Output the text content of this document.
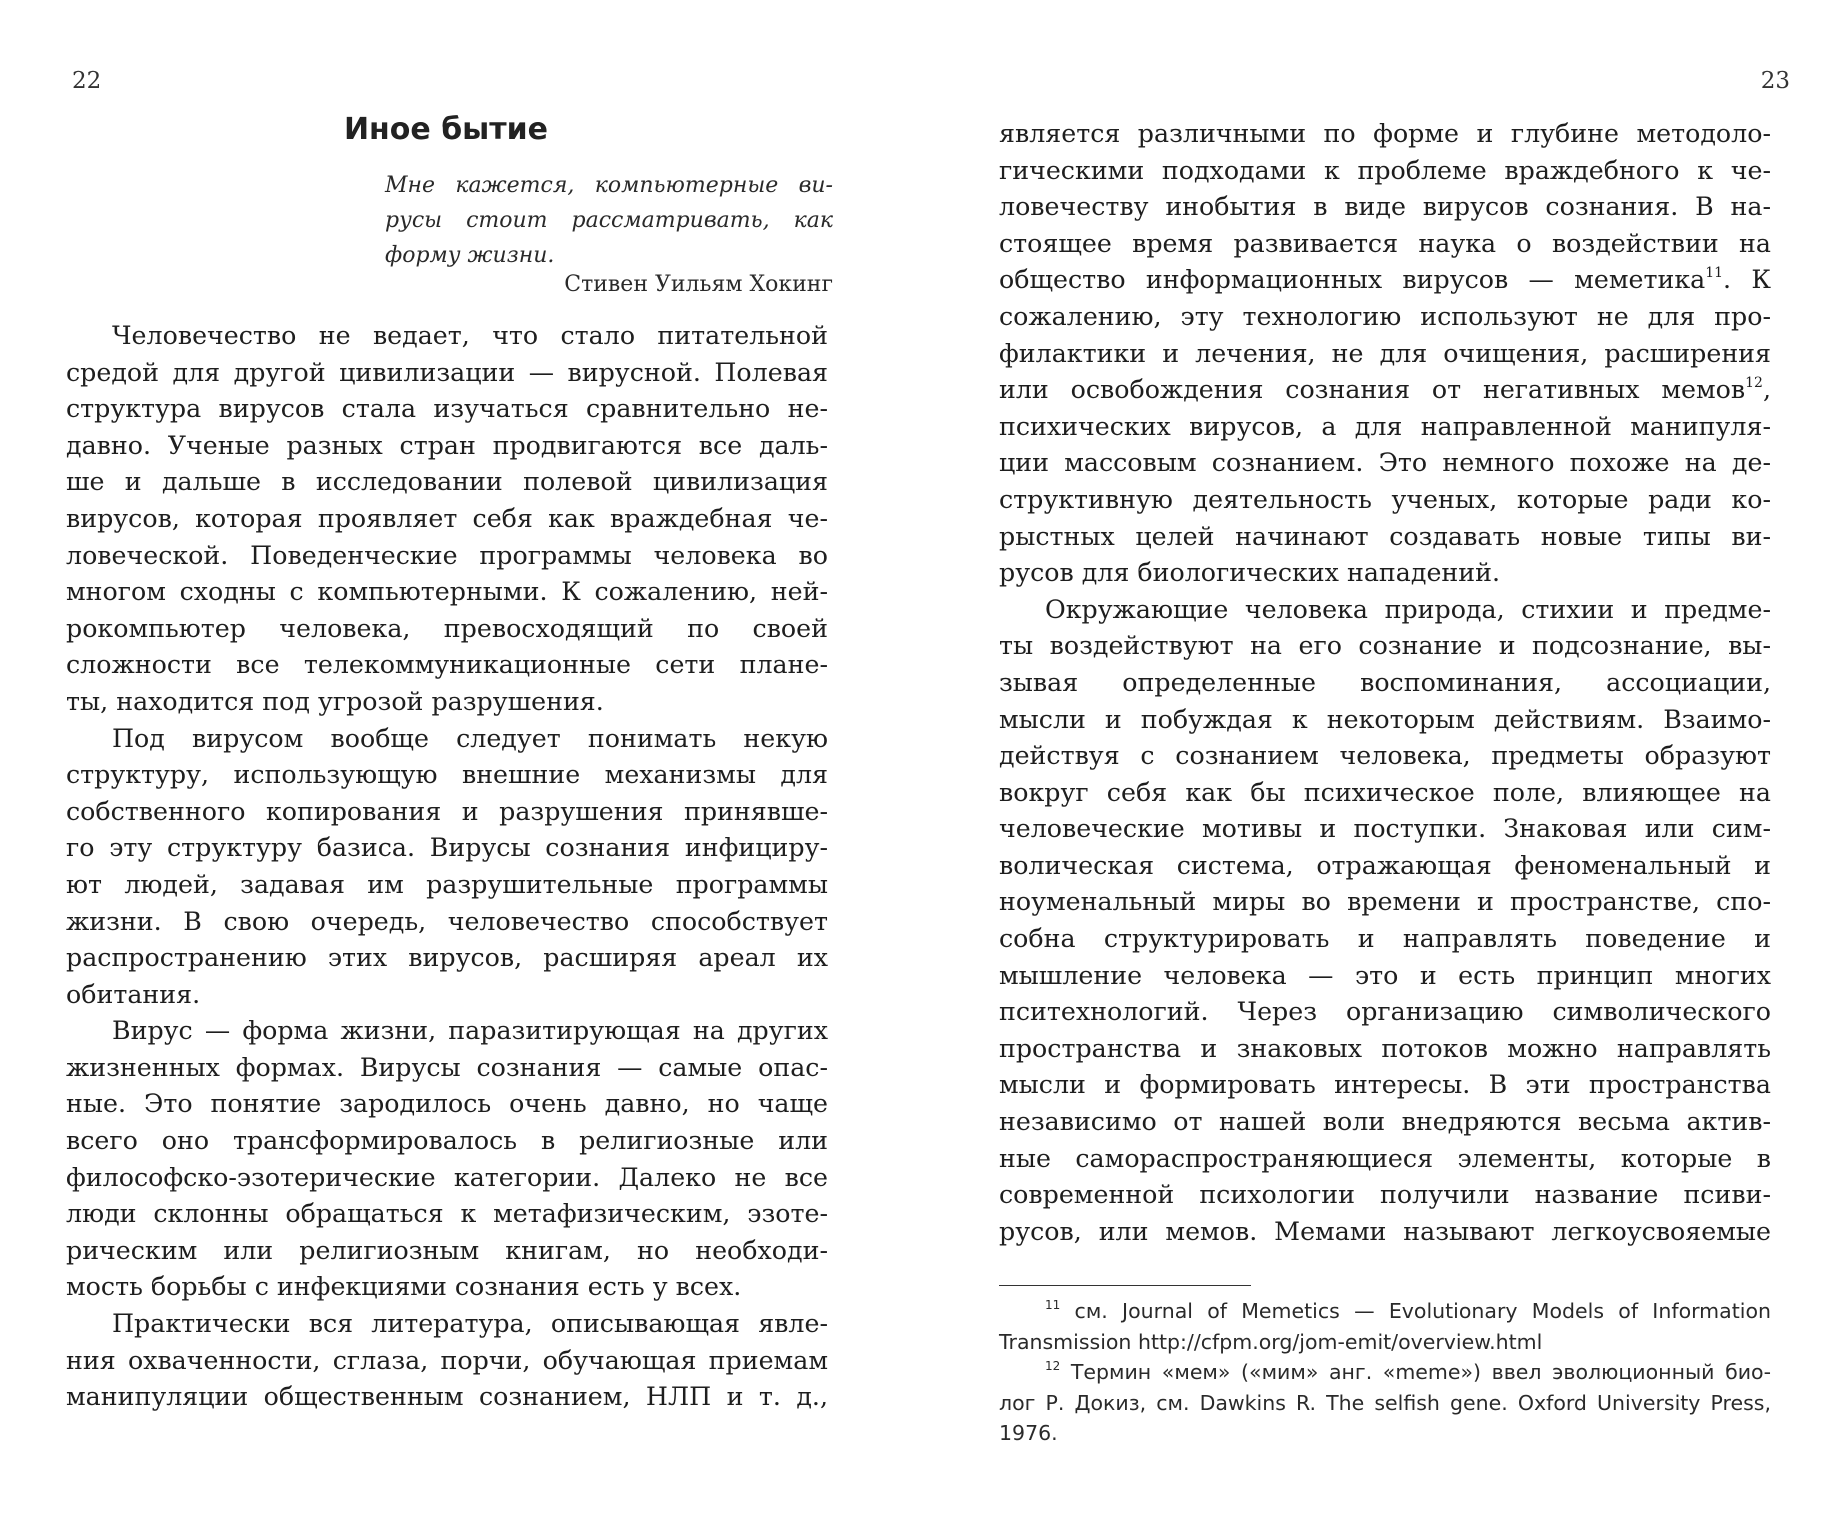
22
Иное бытие
Мне кажется, компьютерные ви-
русы стоит рассматривать, как
форму жизни.
Стивен Уильям Хокинг
Человечество не ведает, что стало питательной
средой для другой цивилизации — вирусной. Полевая
структура вирусов стала изучаться сравнительно не-
давно. Ученые разных стран продвигаются все даль-
ше и дальше в исследовании полевой цивилизация
вирусов, которая проявляет себя как враждебная че-
ловеческой. Поведенческие программы человека во
многом сходны с компьютерными. К сожалению, ней-
рокомпьютер человека, превосходящий по своей
сложности все телекоммуникационные сети плане-
ты, находится под угрозой разрушения.
Под вирусом вообще следует понимать некую
структуру, использующую внешние механизмы для
собственного копирования и разрушения принявше-
го эту структуру базиса. Вирусы сознания инфициру-
ют людей, задавая им разрушительные программы
жизни. В свою очередь, человечество способствует
распространению этих вирусов, расширяя ареал их
обитания.
Вирус — форма жизни, паразитирующая на других
жизненных формах. Вирусы сознания — самые опас-
ные. Это понятие зародилось очень давно, но чаще
всего оно трансформировалось в религиозные или
философско-эзотерические категории. Далеко не все
люди склонны обращаться к метафизическим, эзоте-
рическим или религиозным книгам, но необходи-
мость борьбы с инфекциями сознания есть у всех.
Практически вся литература, описывающая явле-
ния охваченности, сглаза, порчи, обучающая приемам
манипуляции общественным сознанием, НЛП и т. д.,
23
является различными по форме и глубине методоло-
гическими подходами к проблеме враждебного к че-
ловечеству инобытия в виде вирусов сознания. В на-
стоящее время развивается наука о воздействии на
обществo информационных вирусов — меметика$^{11}$. К
сожалению, эту технологию используют не для про-
филактики и лечения, не для очищения, расширения
или освобождения сознания от негативных мемов$^{12}$,
психических вирусов, а для направленной манипуля-
ции массовым сознанием. Это немного похоже на де-
структивную деятельность ученых, которые ради ко-
рыстных целей начинают создавать новые типы ви-
русов для биологических нападений.
Окружающие человека природа, стихии и предме-
ты воздействуют на его сознание и подсознание, вы-
зывая определенные воспоминания, ассоциации,
мысли и побуждая к некоторым действиям. Взаимо-
действуя с сознанием человека, предметы образуют
вокруг себя как бы психическое поле, влияющее на
человеческие мотивы и поступки. Знаковая или сим-
волическая система, отражающая феноменальный и
ноуменальный миры во времени и пространстве, спо-
собна структурировать и направлять поведение и
мышление человека — это и есть принцип многих
пситехнологий. Через организацию символического
пространства и знаковых потоков можно направлять
мысли и формировать интересы. В эти пространства
независимо от нашей воли внедряются весьма актив-
ные самораспространяющиеся элементы, которые в
современной психологии получили название псиви-
русов, или мемов. Мемами называют легкоусвояемые
$^{11}$ см. Journal of Memetics — Evolutionary Models of Information
Transmission http://cfpm.org/jom-emit/overview.html
$^{12}$ Термин «мем» («мим» анг. «meme») ввел эволюционный био-
лог Р. Докиз, см. Dawkins R. The selfish gene. Oxford University Press,
1976.
